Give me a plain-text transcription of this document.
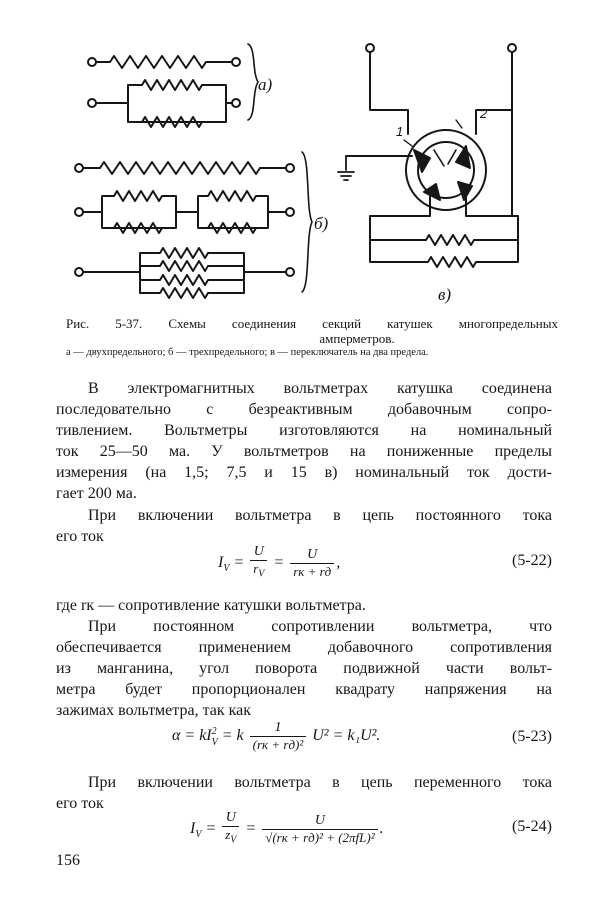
а)
б)
в)
1
2
Рис. 5-37. Схемы соединения секций катушек многопредельных
амперметров.
а — двухпредельного; б — трехпредельного; в — переключатель на два предела.
В электромагнитных вольтметрах катушка соединена
последовательно с безреактивным добавочным сопро-
тивлением. Вольтметры изготовляются на номинальный
ток 25—50 ма. У вольтметров на пониженные пределы
измерения (на 1,5; 7,5 и 15 в) номинальный ток дости-
гает 200 ма.
При включении вольтметра в цепь постоянного тока
его ток
$I_V = \frac{U}{r_V} = \frac{U}{rк + rд}$ ,	(5-22)
где rк — сопротивление катушки вольтметра.
При постоянном сопротивлении вольтметра, что
обеспечивается применением добавочного сопротивления
из манганина, угол поворота подвижной части вольт-
метра будет пропорционален квадрату напряжения на
зажимах вольтметра, так как
α = kI 2
V = k $\frac{1}{\text{(rк + rд)²}} U^2 = k_1U^2$.	(5-23)
При включении вольтметра в цепь переменного тока
его ток
$I_V = \frac{U}{z_V} = \frac{U}{\text{√(rк + rд)² + (2πfL)²}}$ .	(5-24)
156
